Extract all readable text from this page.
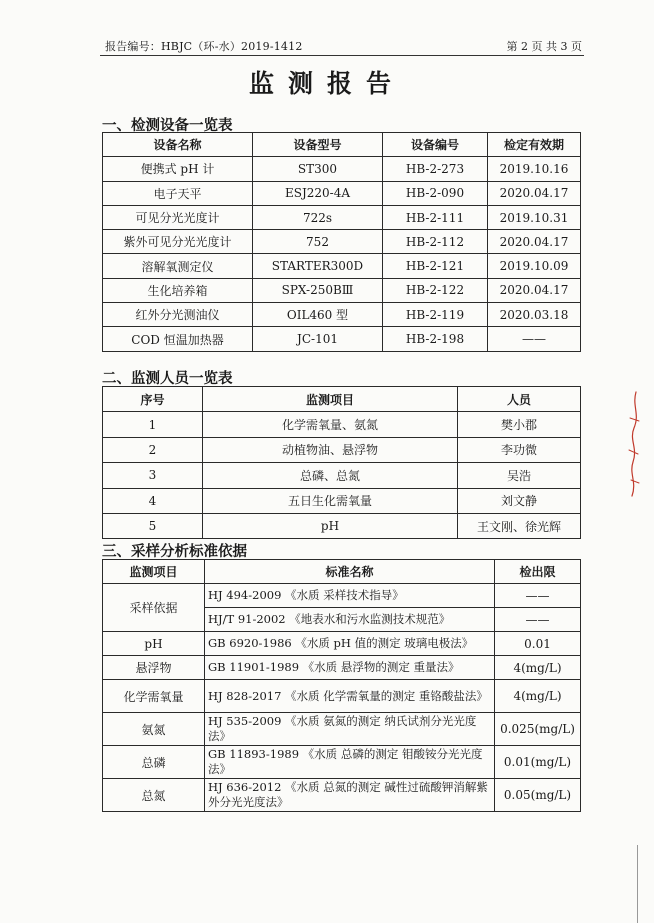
报告编号：HBJC（环-水）2019-1412	第 2 页 共 3 页
监测报告
一、检测设备一览表
设备名称	设备型号	设备编号	检定有效期
便携式 pH 计	ST300	HB-2-273	2019.10.16
电子天平	ESJ220-4A	HB-2-090	2020.04.17
可见分光光度计	722s	HB-2-111	2019.10.31
紫外可见分光光度计	752	HB-2-112	2020.04.17
溶解氧测定仪	STARTER300D	HB-2-121	2019.10.09
生化培养箱	SPX-250BⅢ	HB-2-122	2020.04.17
红外分光测油仪	OIL460 型	HB-2-119	2020.03.18
COD 恒温加热器	JC-101	HB-2-198	——
二、监测人员一览表
序号	监测项目	人员
1	化学需氧量、氨氮	樊小郡
2	动植物油、悬浮物	李功微
3	总磷、总氮	吴浩
4	五日生化需氧量	刘文静
5	pH	王文刚、徐光辉
三、采样分析标准依据
监测项目	标准名称	检出限
采样依据	HJ 494-2009 《水质 采样技术指导》	——
	HJ/T 91-2002 《地表水和污水监测技术规范》	——
pH	GB 6920-1986 《水质 pH 值的测定 玻璃电极法》	0.01
悬浮物	GB 11901-1989 《水质 悬浮物的测定 重量法》	4(mg/L)
化学需氧量	HJ 828-2017 《水质 化学需氧量的测定 重铬酸盐法》	4(mg/L)
氨氮	HJ 535-2009 《水质 氨氮的测定 纳氏试剂分光光度法》	0.025(mg/L)
总磷	GB 11893-1989 《水质 总磷的测定 钼酸铵分光光度法》	0.01(mg/L)
总氮	HJ 636-2012 《水质 总氮的测定 碱性过硫酸钾消解紫外分光光度法》	0.05(mg/L)
